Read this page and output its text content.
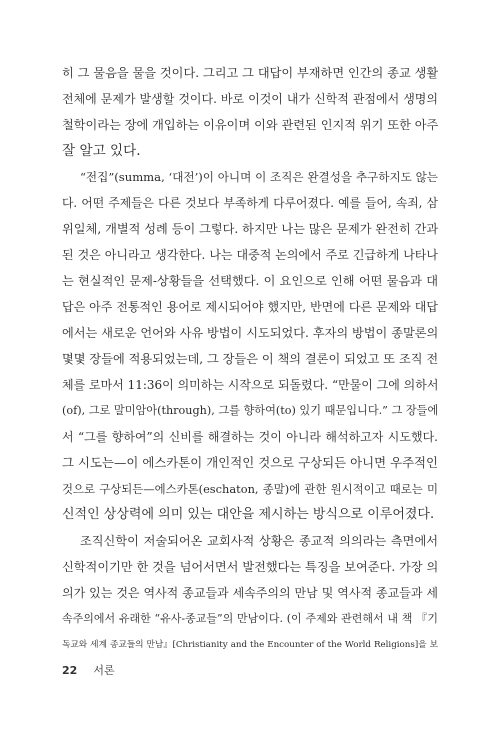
히 그 물음을 물을 것이다. 그리고 그 대답이 부재하면 인간의 종교 생활
전체에 문제가 발생할 것이다. 바로 이것이 내가 신학적 관점에서 생명의
철학이라는 장에 개입하는 이유이며 이와 관련된 인지적 위기 또한 아주
잘 알고 있다.
“전집”(summa, ‘대전’)이 아니며 이 조직은 완결성을 추구하지도 않는
다. 어떤 주제들은 다른 것보다 부족하게 다루어졌다. 예를 들어, 속죄, 삼
위일체, 개별적 성례 등이 그렇다. 하지만 나는 많은 문제가 완전히 간과
된 것은 아니라고 생각한다. 나는 대중적 논의에서 주로 긴급하게 나타나
는 현실적인 문제-상황들을 선택했다. 이 요인으로 인해 어떤 물음과 대
답은 아주 전통적인 용어로 제시되어야 했지만, 반면에 다른 문제와 대답
에서는 새로운 언어와 사유 방법이 시도되었다. 후자의 방법이 종말론의
몇몇 장들에 적용되었는데, 그 장들은 이 책의 결론이 되었고 또 조직 전
체를 로마서 11:36이 의미하는 시작으로 되돌렸다. “만물이 그에 의하서
(of), 그로 말미암아(through), 그를 향하여(to) 있기 때문입니다.” 그 장들에
서 “그를 향하여”의 신비를 해결하는 것이 아니라 해석하고자 시도했다.
그 시도는—이 에스카톤이 개인적인 것으로 구상되든 아니면 우주적인
것으로 구상되든—에스카톤(eschaton, 종말)에 관한 원시적이고 때로는 미
신적인 상상력에 의미 있는 대안을 제시하는 방식으로 이루어졌다.
조직신학이 저술되어온 교회사적 상황은 종교적 의의라는 측면에서
신학적이기만 한 것을 넘어서면서 발전했다는 특징을 보여준다. 가장 의
의가 있는 것은 역사적 종교들과 세속주의의 만남 및 역사적 종교들과 세
속주의에서 유래한 “유사-종교들”의 만남이다. (이 주제와 관련해서 내 책 『기
독교와 세계 종교들의 만남』[Christianity and the Encounter of the World Religions]을 보
22 서론
